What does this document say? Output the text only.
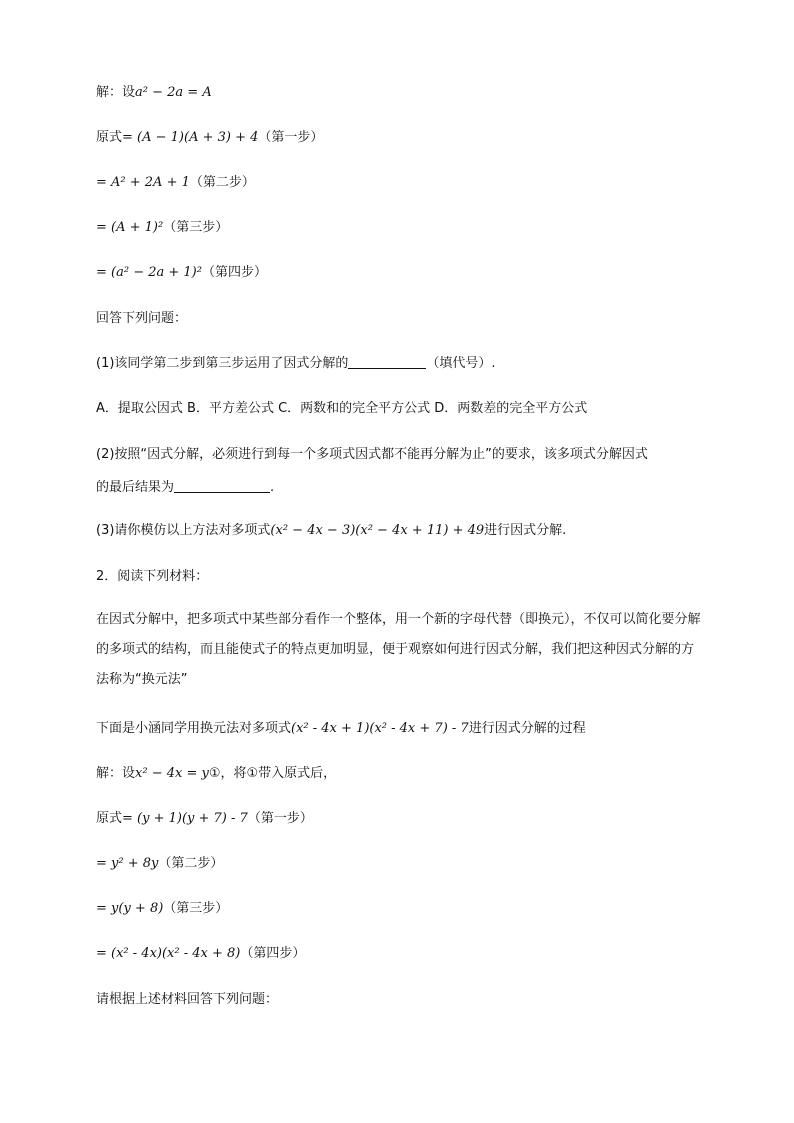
解：设a² − 2a = A
原式= (A − 1)(A + 3) + 4（第一步）
= A² + 2A + 1（第二步）
= (A + 1)²（第三步）
= (a² − 2a + 1)²（第四步）
回答下列问题：
(1)该同学第二步到第三步运用了因式分解的	（填代号）.
A．提取公因式 B．平方差公式 C．两数和的完全平方公式 D．两数差的完全平方公式
(2)按照“因式分解，必须进行到每一个多项式因式都不能再分解为止”的要求，该多项式分解因式
的最后结果为	.
(3)请你模仿以上方法对多项式(x² − 4x − 3)(x² − 4x + 11) + 49进行因式分解.
2．阅读下列材料：
在因式分解中，把多项式中某些部分看作一个整体，用一个新的字母代替（即换元），不仅可以简化要分解的多项式的结构，而且能使式子的特点更加明显，便于观察如何进行因式分解，我们把这种因式分解的方法称为“换元法”
下面是小涵同学用换元法对多项式(x² - 4x + 1)(x² - 4x + 7) - 7进行因式分解的过程
解：设x² − 4x = y①，将①带入原式后，
原式= (y + 1)(y + 7) - 7（第一步）
= y² + 8y（第二步）
= y(y + 8)（第三步）
= (x² - 4x)(x² - 4x + 8)（第四步）
请根据上述材料回答下列问题：
